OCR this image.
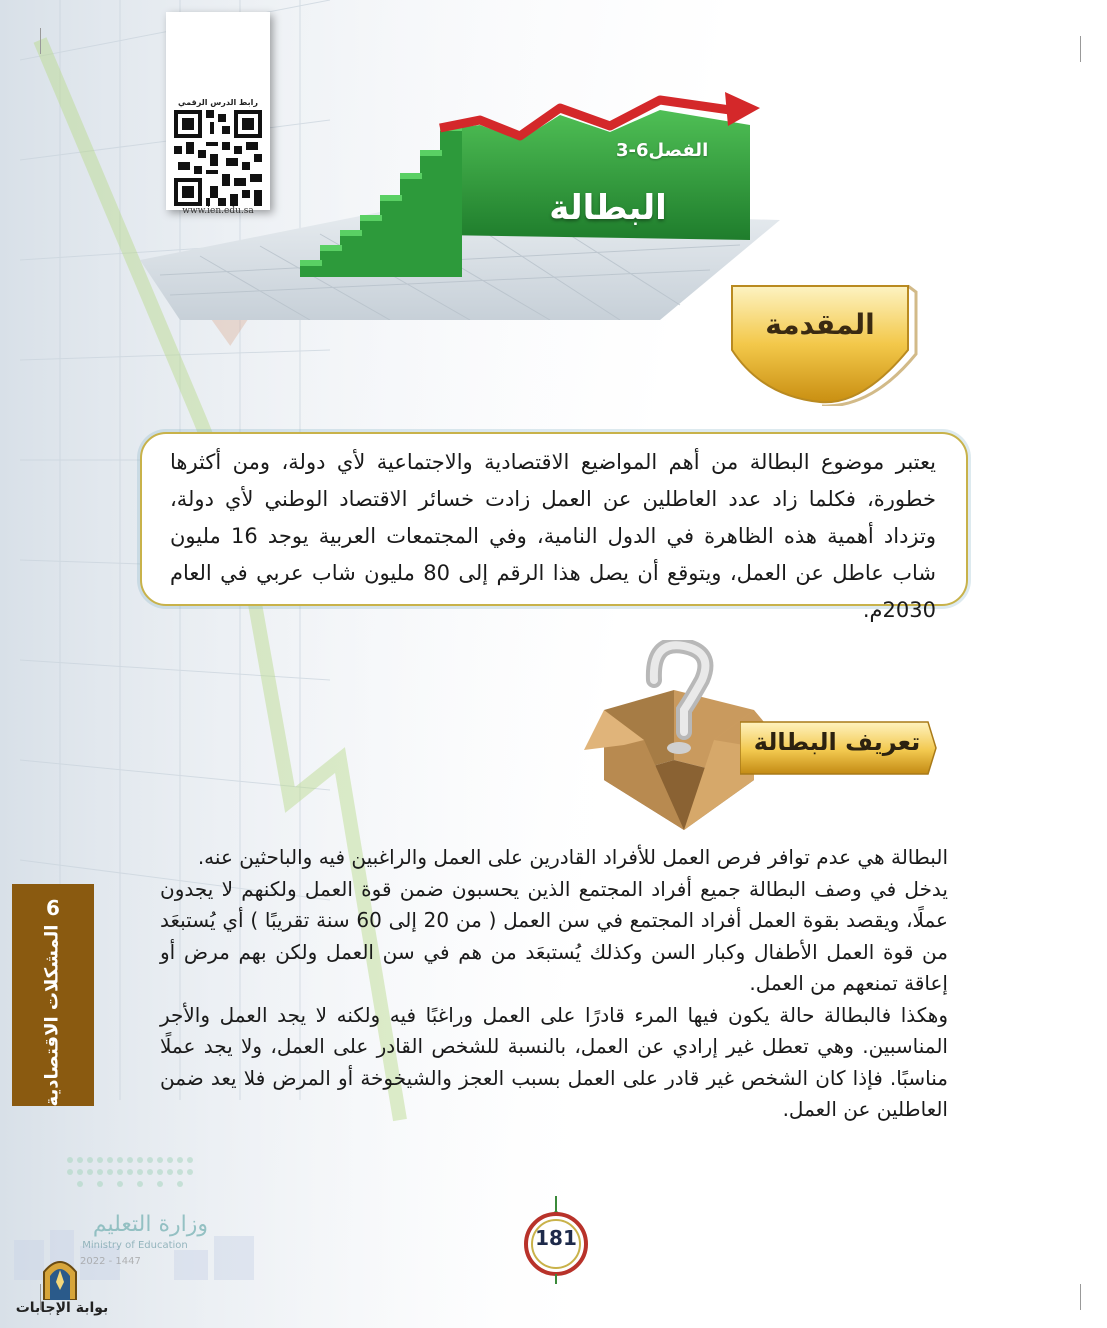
رابط الدرس الرقمي
www.ien.edu.sa
الفصل6-3
البطالة
المقدمة
يعتبر موضوع البطالة من أهم المواضيع الاقتصادية والاجتماعية لأي دولة، ومن أكثرها خطورة، فكلما زاد عدد العاطلين عن العمل زادت خسائر الاقتصاد الوطني لأي دولة، وتزداد أهمية هذه الظاهرة في الدول النامية، وفي المجتمعات العربية يوجد 16 مليون شاب عاطل عن العمل، ويتوقع أن يصل هذا الرقم إلى 80 مليون شاب عربي في العام 2030م.
تعريف البطالة

البطالة هي عدم توافر فرص العمل للأفراد القادرين على العمل والراغبين فيه والباحثين عنه.

يدخل في وصف البطالة جميع أفراد المجتمع الذين يحسبون ضمن قوة العمل ولكنهم لا يجدون عملًا، ويقصد بقوة العمل أفراد المجتمع في سن العمل ( من 20 إلى 60 سنة تقريبًا ) أي يُستبعَد من قوة العمل الأطفال وكبار السن وكذلك يُستبعَد من هم في سن العمل ولكن بهم مرض أو إعاقة تمنعهم من العمل.

وهكذا فالبطالة حالة يكون فيها المرء قادرًا على العمل وراغبًا فيه ولكنه لا يجد العمل والأجر المناسبين. وهي تعطل غير إرادي عن العمل، بالنسبة للشخص القادر على العمل، ولا يجد عملًا مناسبًا. فإذا كان الشخص غير قادر على العمل بسبب العجز والشيخوخة أو المرض فلا يعد ضمن العاطلين عن العمل.

6
المشكلات الاقتصادية
181
وزارة التعليم
Ministry of Education
2022 - 1447
بوابة الإجابات
